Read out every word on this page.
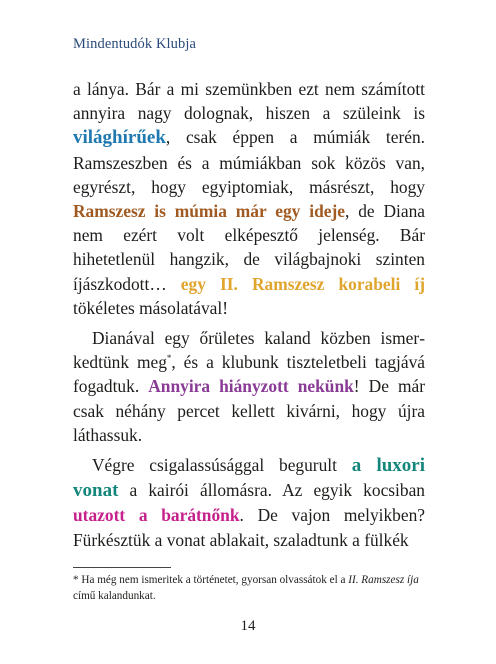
Mindentudók Klubja

a lánya. Bár a mi szemünkben ezt nem számított annyira nagy dolognak, hiszen a szüleink is világhírűek, csak éppen a múmiák terén. Ramszeszben és a múmiákban sok közös van, egyrészt, hogy egyiptomiak, másrészt, hogy Ramszesz is múmia már egy ideje, de Diana nem ezért volt elképesztő jelenség. Bár hihetetlenül hangzik, de világbajnoki szinten íjászkodott… egy II. Ramszesz korabeli íj tökéletes másolatával!

Dianával egy őrületes kaland közben ismerkedtünk meg*, és a klubunk tiszteletbeli tagjává fogadtuk. Annyira hiányzott nekünk! De már csak néhány percet kellett kivárni, hogy újra láthassuk.

Végre csigalassúsággal begurult a luxori vonat a kairói állomásra. Az egyik kocsiban utazott a barátnőnk. De vajon melyikben? Fürkésztük a vonat ablakait, szaladtunk a fülkék

* Ha még nem ismeritek a történetet, gyorsan olvassátok el a II. Ramszesz íja című kalandunkat.
14
